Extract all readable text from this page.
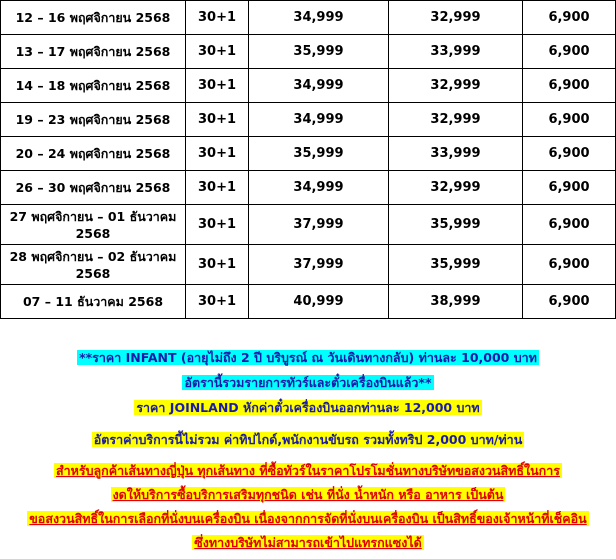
12 – 16 พฤศจิกายน 2568	30+1	34,999	32,999	6,900
13 – 17 พฤศจิกายน 2568	30+1	35,999	33,999	6,900
14 – 18 พฤศจิกายน 2568	30+1	34,999	32,999	6,900
19 – 23 พฤศจิกายน 2568	30+1	34,999	32,999	6,900
20 – 24 พฤศจิกายน 2568	30+1	35,999	33,999	6,900
26 – 30 พฤศจิกายน 2568	30+1	34,999	32,999	6,900
27 พฤศจิกายน – 01 ธันวาคม
2568	30+1	37,999	35,999	6,900
28 พฤศจิกายน – 02 ธันวาคม
2568	30+1	37,999	35,999	6,900
07 – 11 ธันวาคม 2568	30+1	40,999	38,999	6,900
**ราคา INFANT (อายุไม่ถึง 2 ปี บริบูรณ์ ณ วันเดินทางกลับ) ท่านละ 10,000 บาท
อัตรานี้รวมรายการทัวร์และตั๋วเครื่องบินแล้ว**
ราคา JOINLAND หักค่าตั๋วเครื่องบินออกท่านละ 12,000 บาท
อัตราค่าบริการนี้ไม่รวม ค่าทิปไกด์,พนักงานขับรถ รวมทั้งทริป 2,000 บาท/ท่าน
สำหรับลูกค้าเส้นทางญี่ปุ่น ทุกเส้นทาง ที่ซื้อทัวร์ในราคาโปรโมชั่นทางบริษัทขอสงวนสิทธิ์ในการ
งดให้บริการซื้อบริการเสริมทุกชนิด เช่น ที่นั่ง น้ำหนัก หรือ อาหาร เป็นต้น
ขอสงวนสิทธิ์ในการเลือกที่นั่งบนเครื่องบิน เนื่องจากการจัดที่นั่งบนเครื่องบิน เป็นสิทธิ์ของเจ้าหน้าที่เช็คอิน
ซึ่งทางบริษัทไม่สามารถเข้าไปแทรกแซงได้
